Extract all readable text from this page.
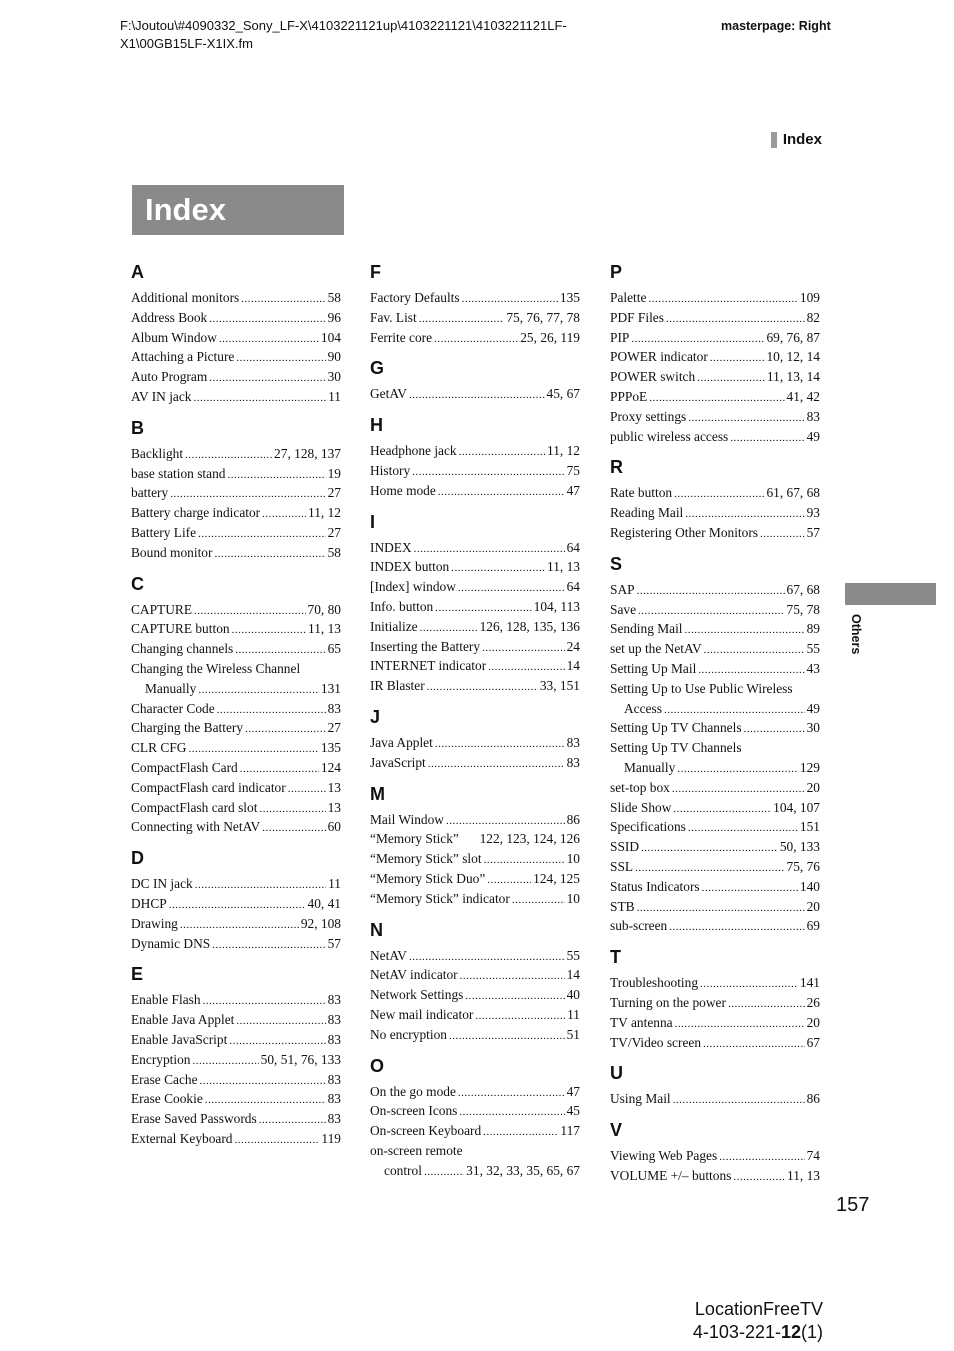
F:\Joutou\#4090332_Sony_LF-X\4103221121up\4103221121\4103221121LF-
X1\00GB15LF-X1IX.fm
masterpage: Right
Index
Index
A
Additional monitors .....	58
Address Book .....	96
Album Window .....	104
Attaching a Picture .....	90
Auto Program .....	30
AV IN jack .....	11
B
Backlight .....	27, 128, 137
base station stand .....	19
battery .....	27
Battery charge indicator .....	11, 12
Battery Life .....	27
Bound monitor .....	58
C
CAPTURE .....	70, 80
CAPTURE button .....	11, 13
Changing channels .....	65
Changing the Wireless Channel
Manually .....	131
Character Code .....	83
Charging the Battery .....	27
CLR CFG .....	135
CompactFlash Card .....	124
CompactFlash card indicator .....	13
CompactFlash card slot .....	13
Connecting with NetAV .....	60
D
DC IN jack .....	11
DHCP .....	40, 41
Drawing .....	92, 108
Dynamic DNS .....	57
E
Enable Flash .....	83
Enable Java Applet .....	83
Enable JavaScript .....	83
Encryption .....	50, 51, 76, 133
Erase Cache .....	83
Erase Cookie .....	83
Erase Saved Passwords .....	83
External Keyboard .....	119
F
Factory Defaults .....	135
Fav. List .....	75, 76, 77, 78
Ferrite core .....	25, 26, 119
G
GetAV .....	45, 67
H
Headphone jack .....	11, 12
History .....	75
Home mode .....	47
I
INDEX .....	64
INDEX button .....	11, 13
[Index] window .....	64
Info. button .....	104, 113
Initialize .....	126, 128, 135, 136
Inserting the Battery .....	24
INTERNET indicator .....	14
IR Blaster .....	33, 151
J
Java Applet .....	83
JavaScript .....	83
M
Mail Window .....	86
“Memory Stick” 122, 123, 124, 126
“Memory Stick” slot .....	10
“Memory Stick Duo” .....	124, 125
“Memory Stick” indicator .....	10
N
NetAV .....	55
NetAV indicator .....	14
Network Settings .....	40
New mail indicator .....	11
No encryption .....	51
O
On the go mode .....	47
On-screen Icons .....	45
On-screen Keyboard .....	117
on-screen remote
control .....	31, 32, 33, 35, 65, 67
P
Palette .....	109
PDF Files .....	82
PIP .....	69, 76, 87
POWER indicator .....	10, 12, 14
POWER switch .....	11, 13, 14
PPPoE .....	41, 42
Proxy settings .....	83
public wireless access .....	49
R
Rate button .....	61, 67, 68
Reading Mail .....	93
Registering Other Monitors .....	57
S
SAP .....	67, 68
Save .....	75, 78
Sending Mail .....	89
set up the NetAV .....	55
Setting Up Mail .....	43
Setting Up to Use Public Wireless
Access .....	49
Setting Up TV Channels .....	30
Setting Up TV Channels
Manually .....	129
set-top box .....	20
Slide Show .....	104, 107
Specifications .....	151
SSID .....	50, 133
SSL .....	75, 76
Status Indicators .....	140
STB .....	20
sub-screen .....	69
T
Troubleshooting .....	141
Turning on the power .....	26
TV antenna .....	20
TV/Video screen .....	67
U
Using Mail .....	86
V
Viewing Web Pages .....	74
VOLUME +/– buttons .....	11, 13
Others
157
LocationFreeTV
4-103-221-12(1)
